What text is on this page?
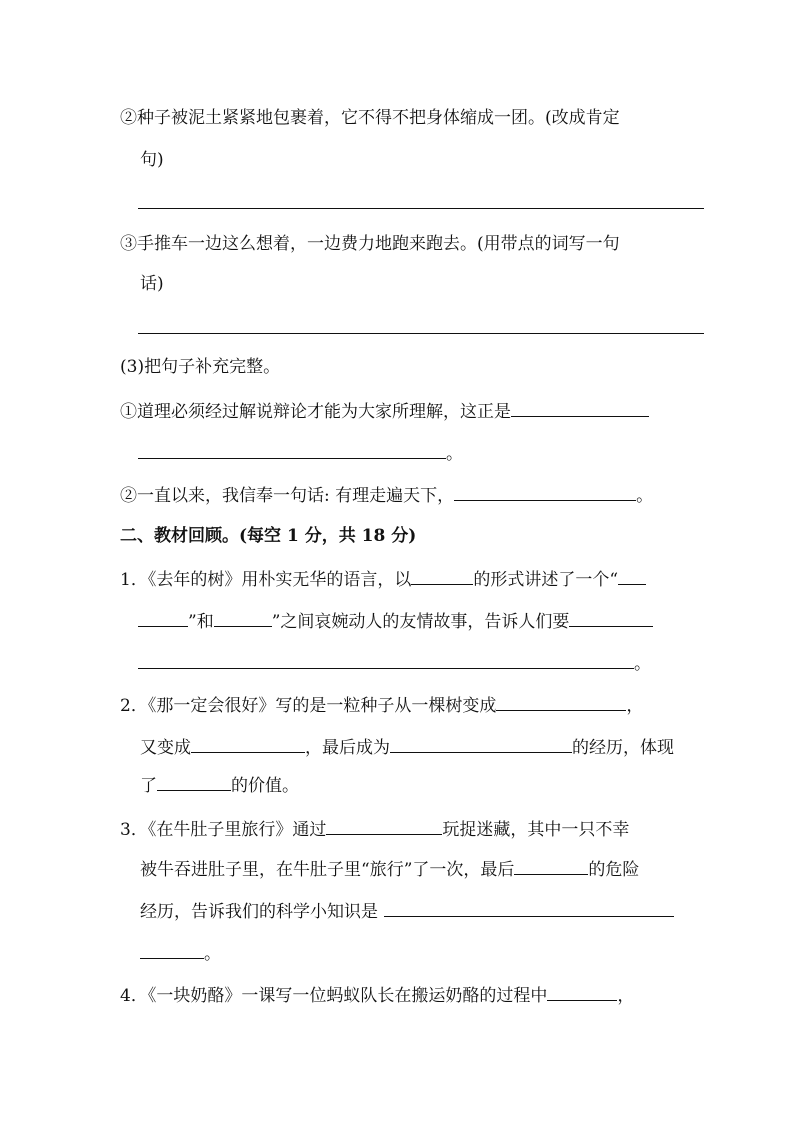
②种子被泥土紧紧地包裹着，它不得不把身体缩成一团。(改成肯定
句)
③手推车一边这么想着，一边费力地跑来跑去。(用带点的词写一句
话)
(3)把句子补充完整。
①道理必须经过解说辩论才能为大家所理解，这正是
。
②一直以来，我信奉一句话: 有理走遍天下，	。
二、教材回顾。(每空 1 分，共 18 分)
1．《去年的树》用朴实无华的语言，以	的形式讲述了一个“
”和	”之间哀婉动人的友情故事，告诉人们要
。
2．《那一定会很好》写的是一粒种子从一棵树变成	，
又变成	，最后成为	的经历，体现
了	的价值。
3．《在牛肚子里旅行》通过	玩捉迷藏，其中一只不幸
被牛吞进肚子里，在牛肚子里“旅行”了一次，最后	的危险
经历，告诉我们的科学小知识是
。
4．《一块奶酪》一课写一位蚂蚁队长在搬运奶酪的过程中	，
